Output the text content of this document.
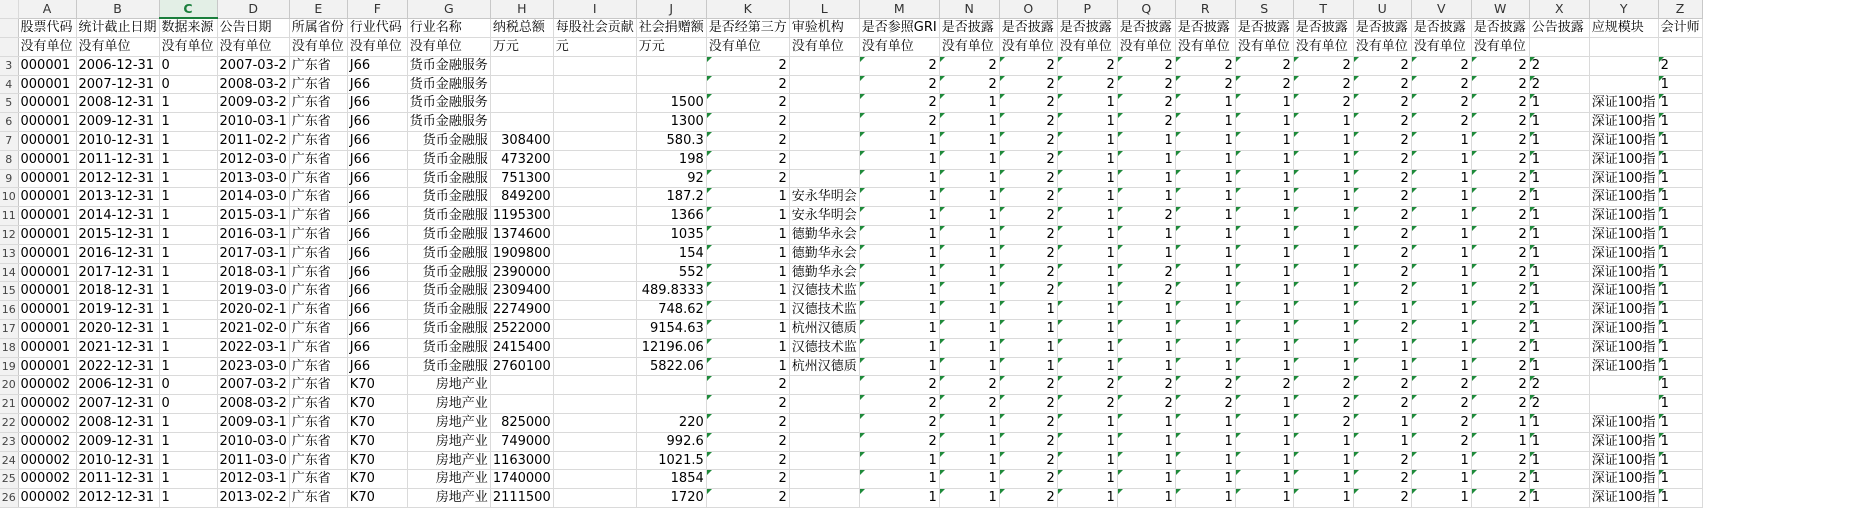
	A	B	C	D	E	F	G	H	I	J	K	L	M	N	O	P	Q	R	S	T	U	V	W	X	Y	Z
	股票代码	统计截止日期	数据来源	公告日期	所属省份	行业代码	行业名称	纳税总额	每股社会贡献	社会捐赠额	是否经第三方	审验机构	是否参照GRI	是否披露	是否披露	是否披露	是否披露	是否披露	是否披露	是否披露	是否披露	是否披露	是否披露	公告披露	应规模块	会计师
	没有单位	没有单位	没有单位	没有单位	没有单位	没有单位	没有单位	万元	元	万元	没有单位	没有单位	没有单位	没有单位	没有单位	没有单位	没有单位	没有单位	没有单位	没有单位	没有单位	没有单位	没有单位			
3	000001	2006-12-31	0	2007-03-2	广东省	J66	货币金融服务				2		2	2	2	2	2	2	2	2	2	2	2	2		2
4	000001	2007-12-31	0	2008-03-2	广东省	J66	货币金融服务				2		2	2	2	2	2	2	2	2	2	2	2	2		1
5	000001	2008-12-31	1	2009-03-2	广东省	J66	货币金融服务			1500	2		2	1	2	1	2	1	1	2	2	2	2	1	深证100指	1
6	000001	2009-12-31	1	2010-03-1	广东省	J66	货币金融服务			1300	2		2	1	2	1	2	1	1	1	2	2	2	1	深证100指	1
7	000001	2010-12-31	1	2011-02-2	广东省	J66	货币金融服	308400		580.3	2		1	1	2	1	1	1	1	1	2	1	2	1	深证100指	1
8	000001	2011-12-31	1	2012-03-0	广东省	J66	货币金融服	473200		198	2		1	1	2	1	1	1	1	1	2	1	2	1	深证100指	1
9	000001	2012-12-31	1	2013-03-0	广东省	J66	货币金融服	751300		92	2		1	1	2	1	1	1	1	1	2	1	2	1	深证100指	1
10	000001	2013-12-31	1	2014-03-0	广东省	J66	货币金融服	849200		187.2	1	安永华明会	1	1	2	1	1	1	1	1	2	1	2	1	深证100指	1
11	000001	2014-12-31	1	2015-03-1	广东省	J66	货币金融服	1195300		1366	1	安永华明会	1	1	2	1	2	1	1	1	2	1	2	1	深证100指	1
12	000001	2015-12-31	1	2016-03-1	广东省	J66	货币金融服	1374600		1035	1	德勤华永会	1	1	2	1	1	1	1	1	2	1	2	1	深证100指	1
13	000001	2016-12-31	1	2017-03-1	广东省	J66	货币金融服	1909800		154	1	德勤华永会	1	1	2	1	1	1	1	1	2	1	2	1	深证100指	1
14	000001	2017-12-31	1	2018-03-1	广东省	J66	货币金融服	2390000		552	1	德勤华永会	1	1	2	1	2	1	1	1	2	1	2	1	深证100指	1
15	000001	2018-12-31	1	2019-03-0	广东省	J66	货币金融服	2309400		489.8333	1	汉德技术监	1	1	2	1	2	1	1	1	2	1	2	1	深证100指	1
16	000001	2019-12-31	1	2020-02-1	广东省	J66	货币金融服	2274900		748.62	1	汉德技术监	1	1	1	1	1	1	1	1	1	1	2	1	深证100指	1
17	000001	2020-12-31	1	2021-02-0	广东省	J66	货币金融服	2522000		9154.63	1	杭州汉德质	1	1	1	1	1	1	1	1	2	1	2	1	深证100指	1
18	000001	2021-12-31	1	2022-03-1	广东省	J66	货币金融服	2415400		12196.06	1	汉德技术监	1	1	1	1	1	1	1	1	1	1	2	1	深证100指	1
19	000001	2022-12-31	1	2023-03-0	广东省	J66	货币金融服	2760100		5822.06	1	杭州汉德质	1	1	1	1	1	1	1	1	1	1	2	1	深证100指	1
20	000002	2006-12-31	0	2007-03-2	广东省	K70	房地产业				2		2	2	2	2	2	2	2	2	2	2	2	2		1
21	000002	2007-12-31	0	2008-03-2	广东省	K70	房地产业				2		2	2	2	2	2	2	1	2	2	2	2	2		1
22	000002	2008-12-31	1	2009-03-1	广东省	K70	房地产业	825000		220	2		2	1	2	1	1	1	1	2	1	2	1	1	深证100指	1
23	000002	2009-12-31	1	2010-03-0	广东省	K70	房地产业	749000		992.6	2		2	1	2	1	1	1	1	1	1	2	1	1	深证100指	1
24	000002	2010-12-31	1	2011-03-0	广东省	K70	房地产业	1163000		1021.5	2		1	1	2	1	1	1	1	1	2	1	2	1	深证100指	1
25	000002	2011-12-31	1	2012-03-1	广东省	K70	房地产业	1740000		1854	2		1	1	2	1	1	1	1	1	2	1	2	1	深证100指	1
26	000002	2012-12-31	1	2013-02-2	广东省	K70	房地产业	2111500		1720	2		1	1	2	1	1	1	1	1	2	1	2	1	深证100指	1
